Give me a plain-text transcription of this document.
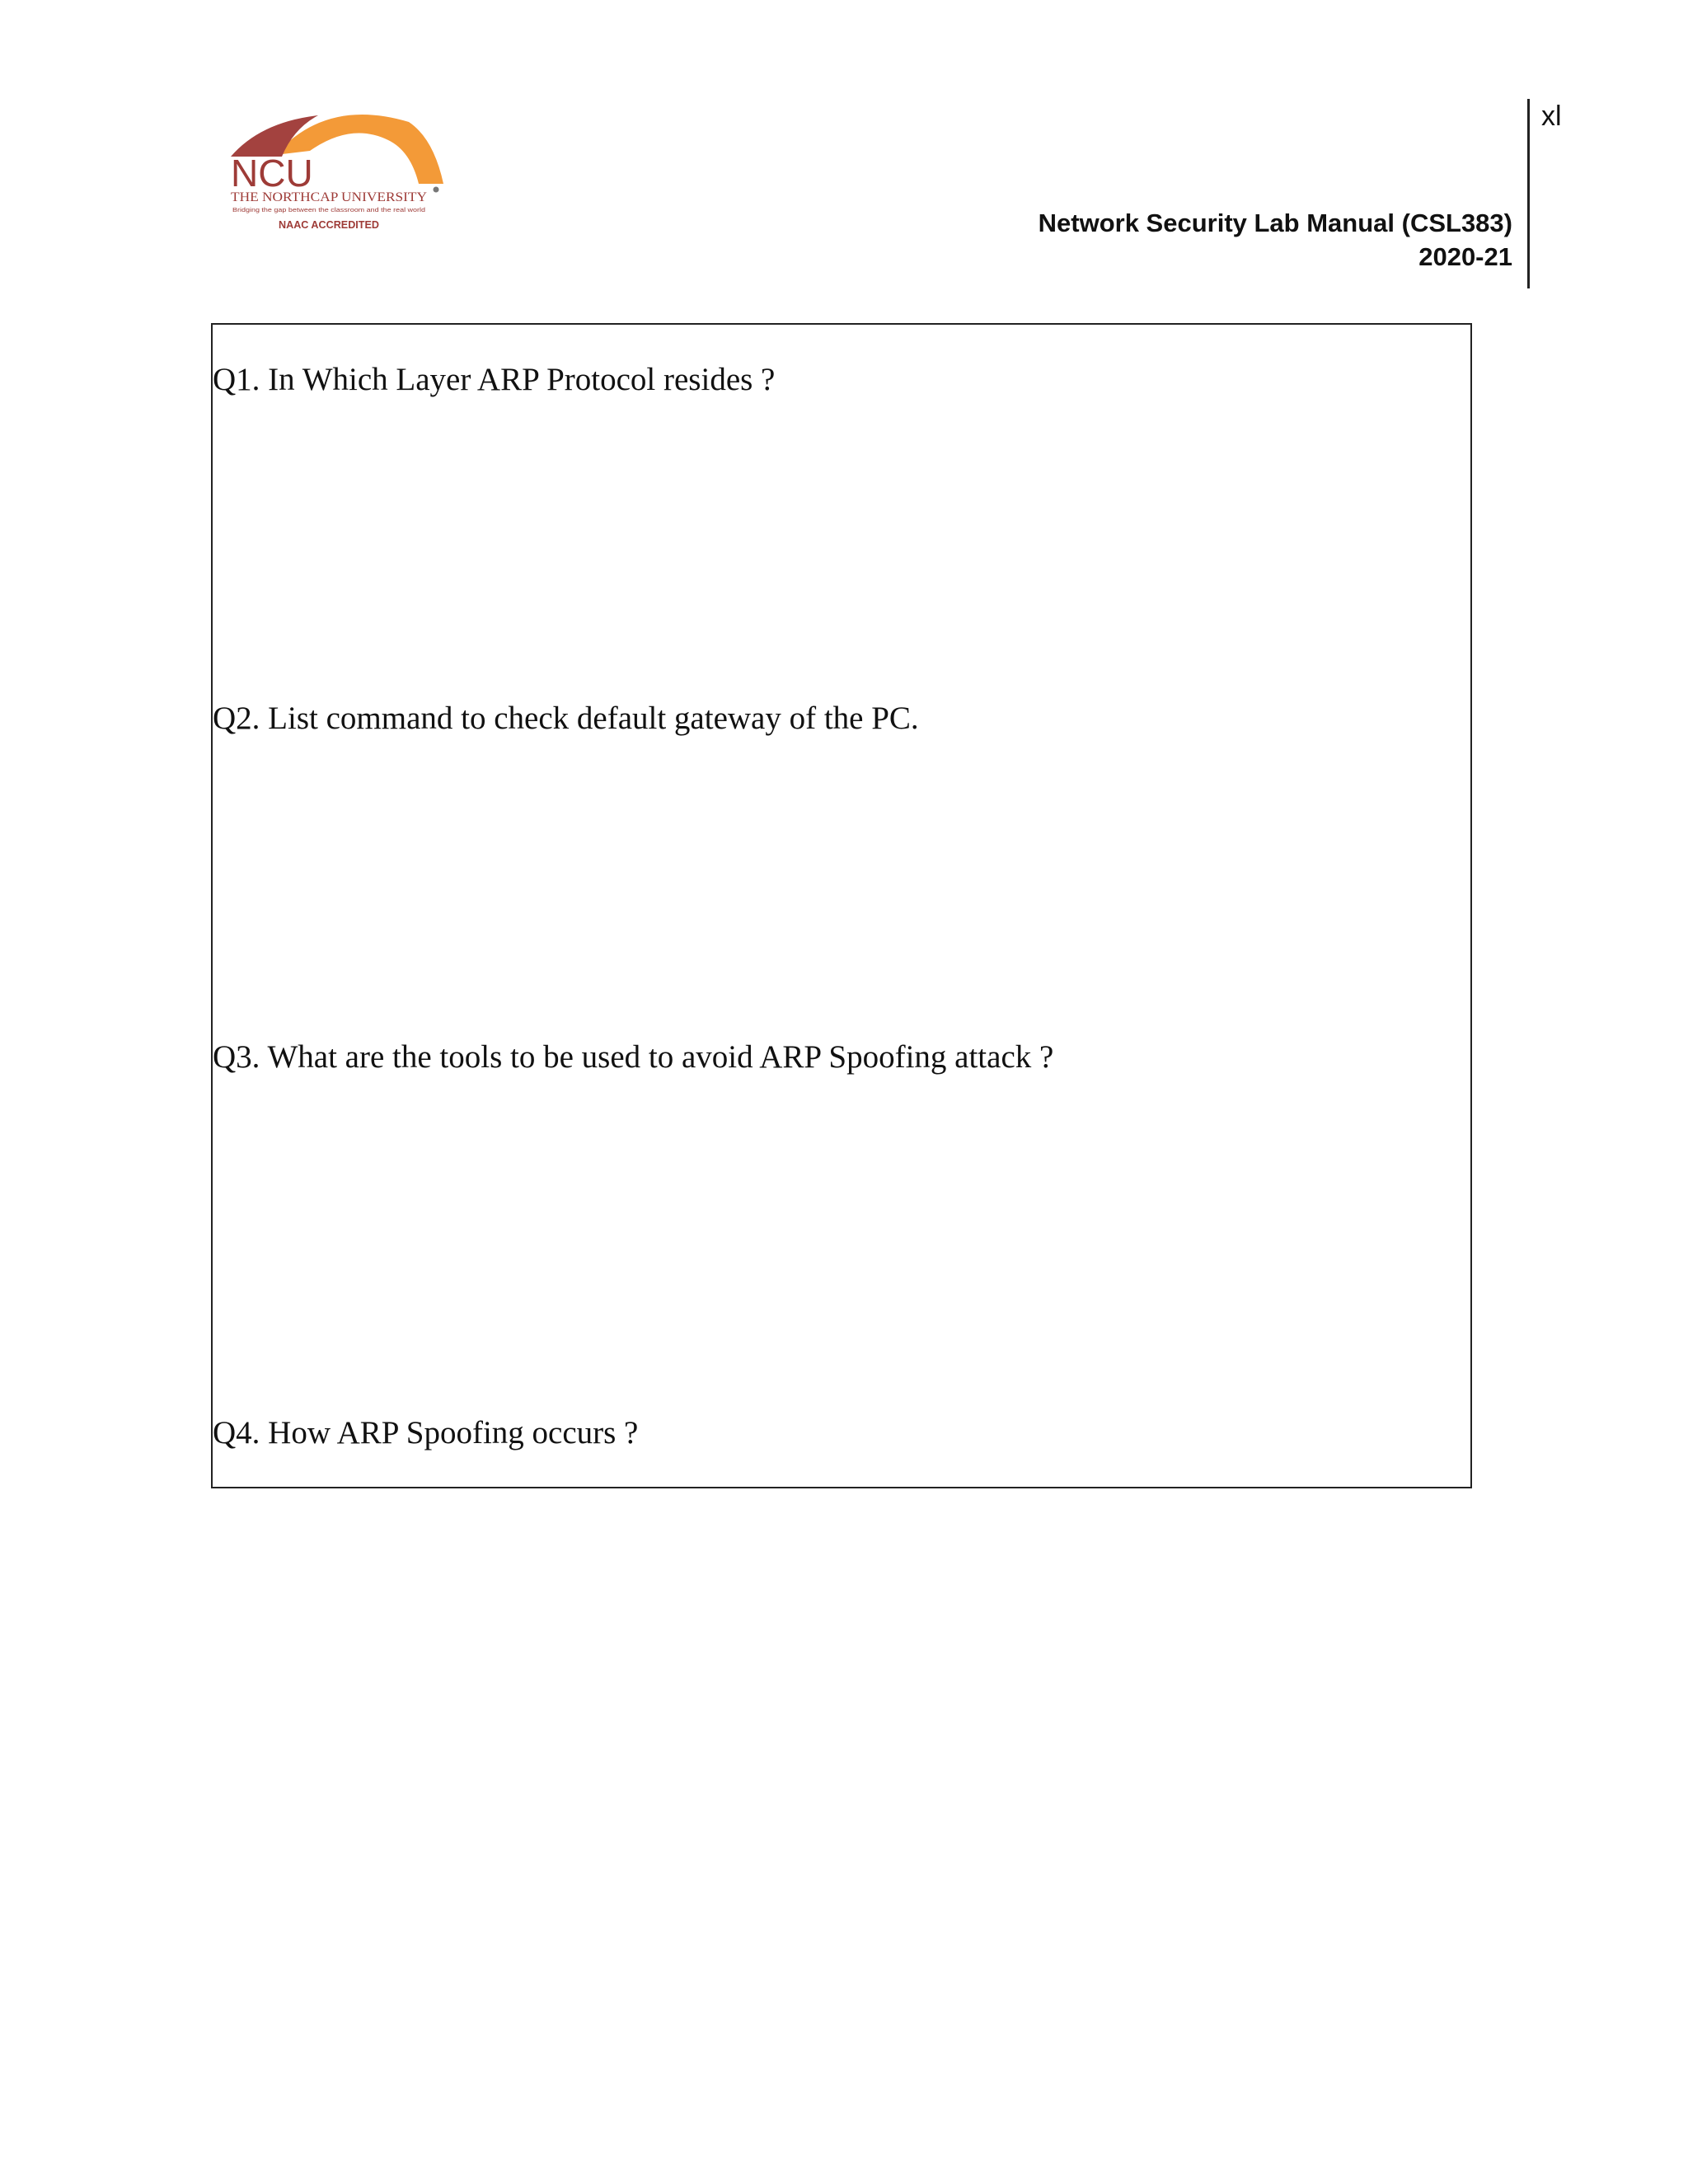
NCU
THE NORTHCAP UNIVERSITY
Bridging the gap between the classroom and the real world
NAAC ACCREDITED
xl
Network Security Lab Manual (CSL383)
2020-21
Q1. In Which Layer ARP Protocol resides ?
Q2. List command to check default gateway of the PC.
Q3. What are the tools to be used to avoid ARP Spoofing attack ?
Q4. How ARP Spoofing occurs ?
